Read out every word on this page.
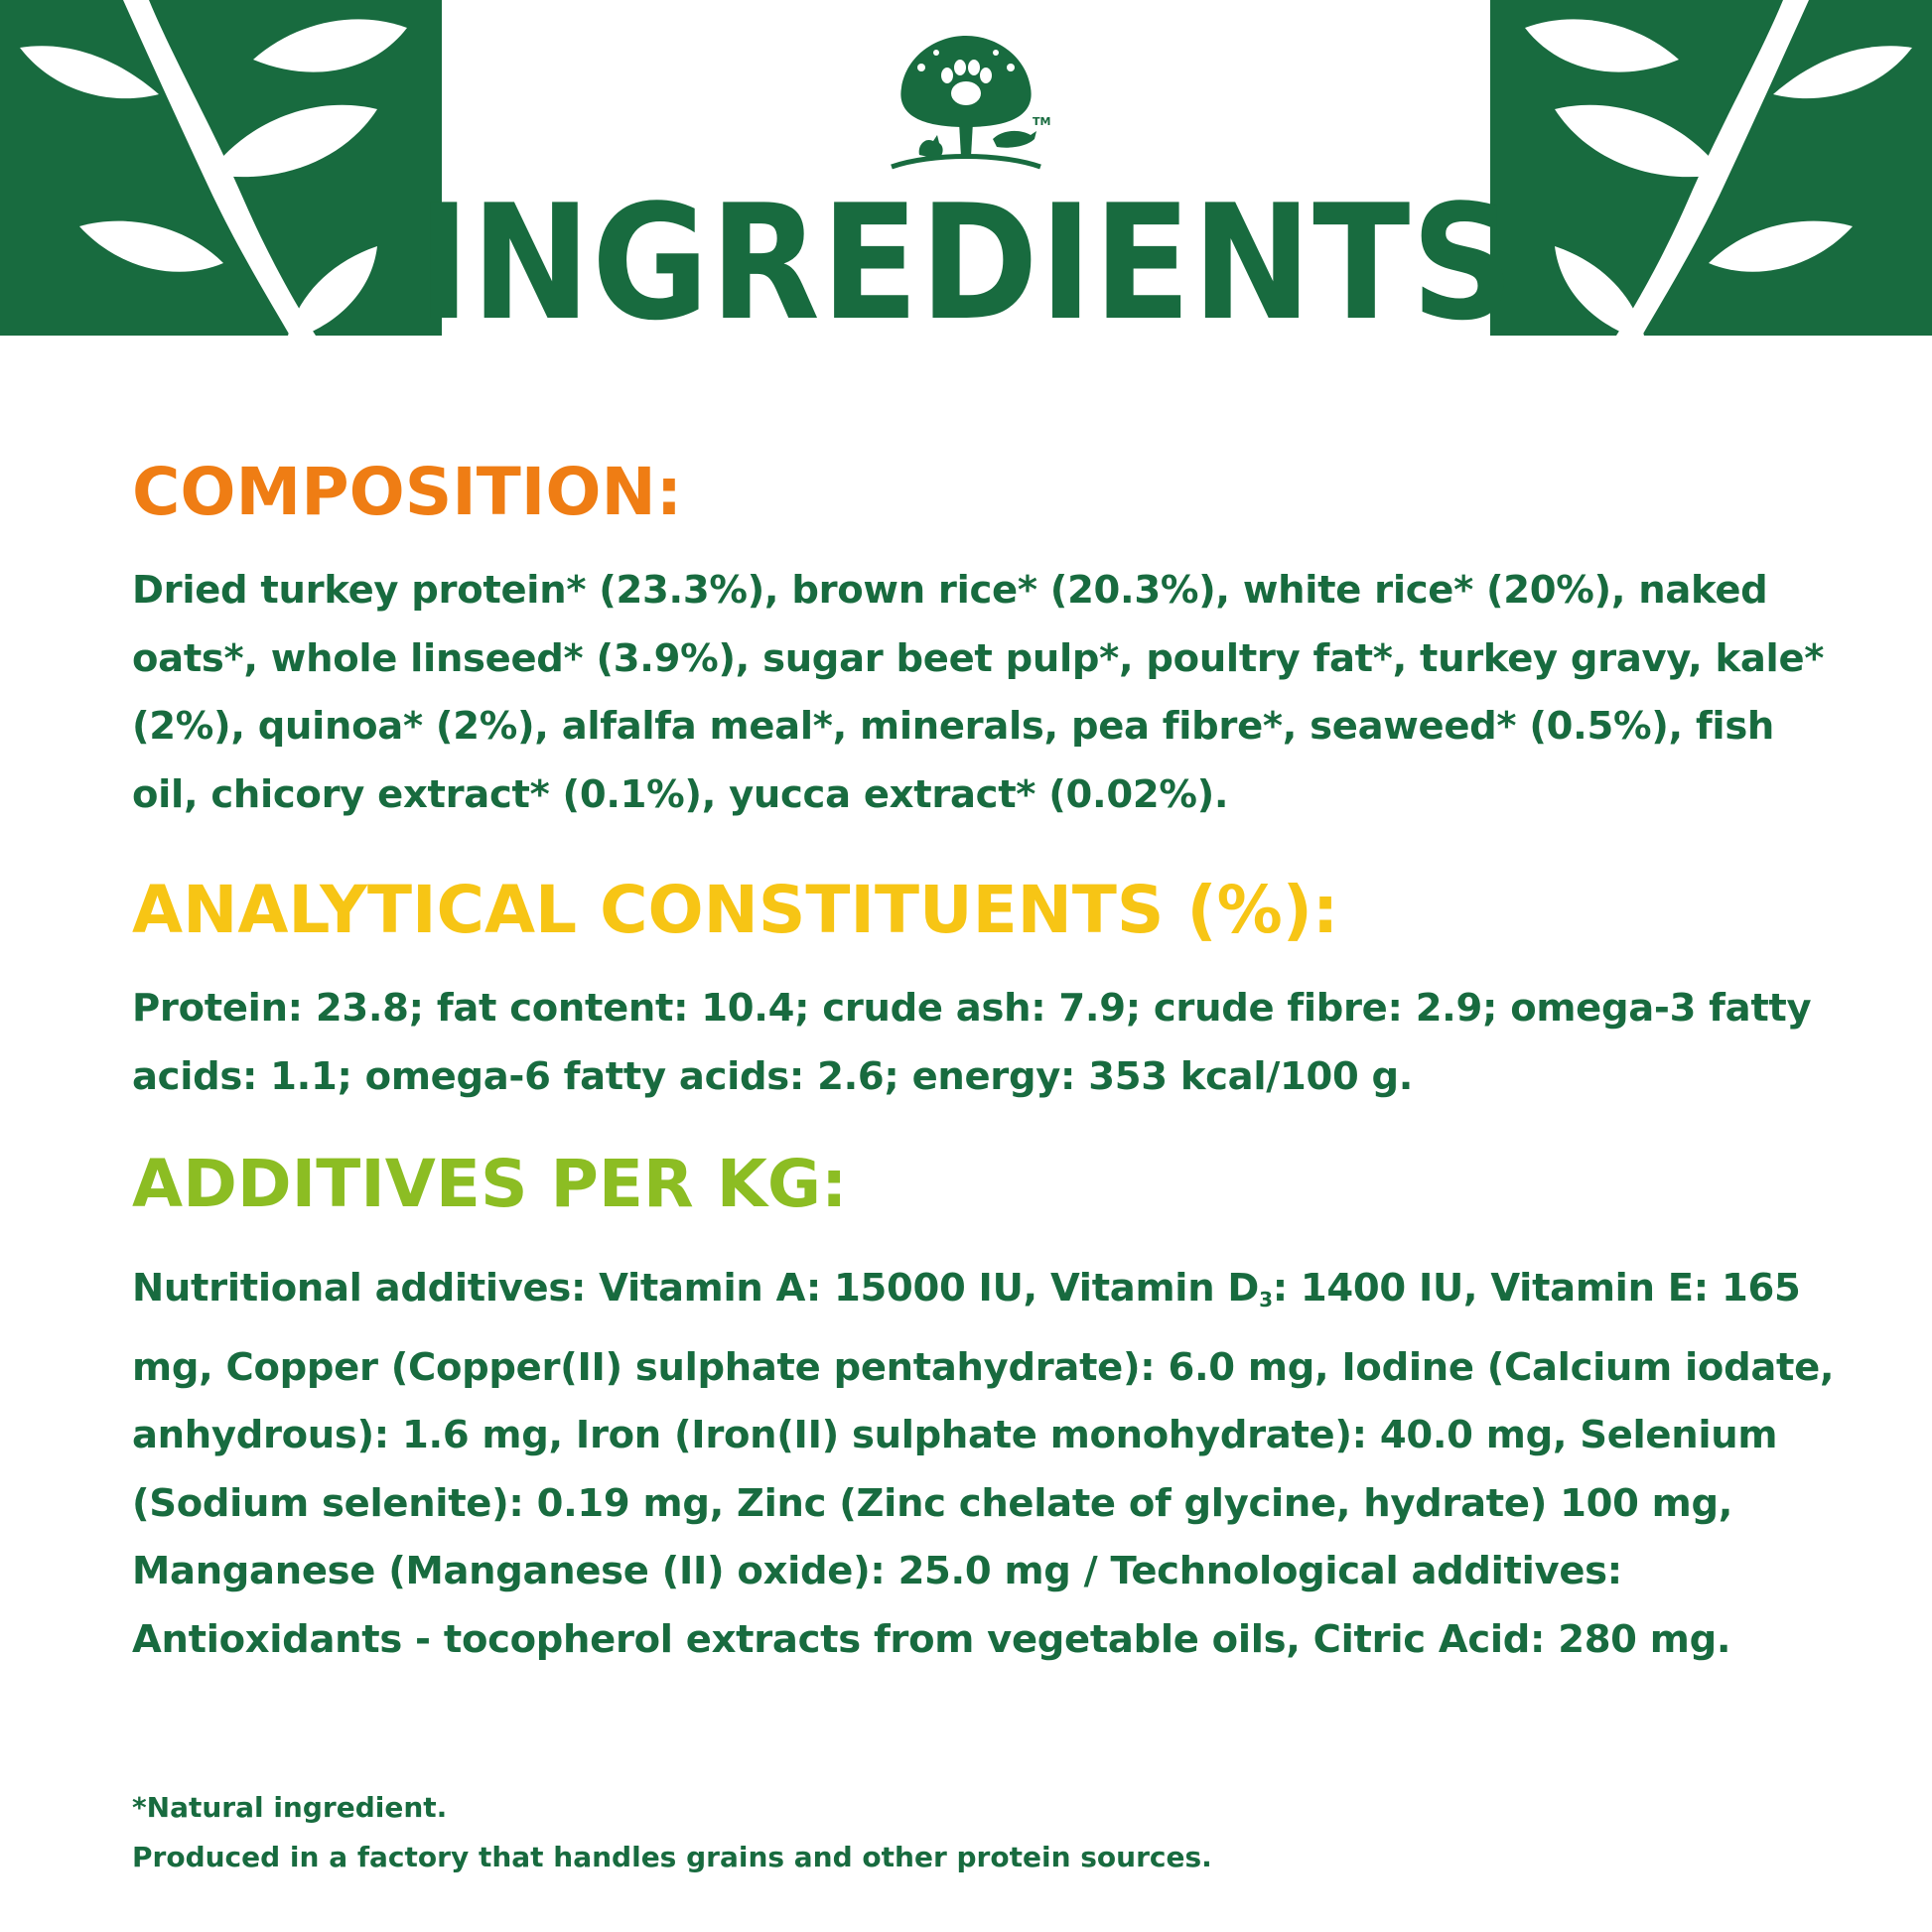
TM
INGREDIENTS
COMPOSITION:

Dried turkey protein* (23.3%), brown rice* (20.3%), white rice* (20%), naked oats*, whole linseed* (3.9%), sugar beet pulp*, poultry fat*, turkey gravy, kale* (2%), quinoa* (2%), alfalfa meal*, minerals, pea fibre*, seaweed* (0.5%), fish oil, chicory extract* (0.1%), yucca extract* (0.02%).

ANALYTICAL CONSTITUENTS (%):

Protein: 23.8; fat content: 10.4; crude ash: 7.9; crude fibre: 2.9; omega-3 fatty acids: 1.1; omega-6 fatty acids: 2.6; energy: 353 kcal/100 g.

ADDITIVES PER KG:

Nutritional additives: Vitamin A: 15000 IU, Vitamin $D_3$: 1400 IU, Vitamin E: 165 mg, Copper (Copper(II) sulphate pentahydrate): 6.0 mg, Iodine (Calcium iodate, anhydrous): 1.6 mg, Iron (Iron(II) sulphate monohydrate): 40.0 mg, Selenium (Sodium selenite): 0.19 mg, Zinc (Zinc chelate of glycine, hydrate) 100 mg, Manganese (Manganese (II) oxide): 25.0 mg / Technological additives: Antioxidants - tocopherol extracts from vegetable oils, Citric Acid: 280 mg.

*Natural ingredient.

Produced in a factory that handles grains and other protein sources.
